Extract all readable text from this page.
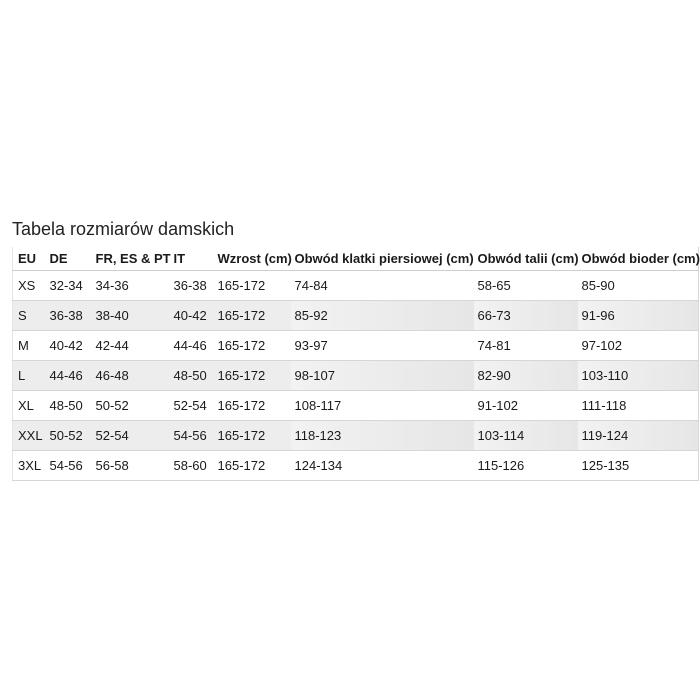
Tabela rozmiarów damskich
EU	DE	FR, ES & PT	IT	Wzrost (cm)	Obwód klatki piersiowej (cm)	Obwód talii (cm)	Obwód bioder (cm)
XS	32-34	34-36	36-38	165-172	74-84	58-65	85-90
S	36-38	38-40	40-42	165-172	85-92	66-73	91-96
M	40-42	42-44	44-46	165-172	93-97	74-81	97-102
L	44-46	46-48	48-50	165-172	98-107	82-90	103-110
XL	48-50	50-52	52-54	165-172	108-117	91-102	111-118
XXL	50-52	52-54	54-56	165-172	118-123	103-114	119-124
3XL	54-56	56-58	58-60	165-172	124-134	115-126	125-135
